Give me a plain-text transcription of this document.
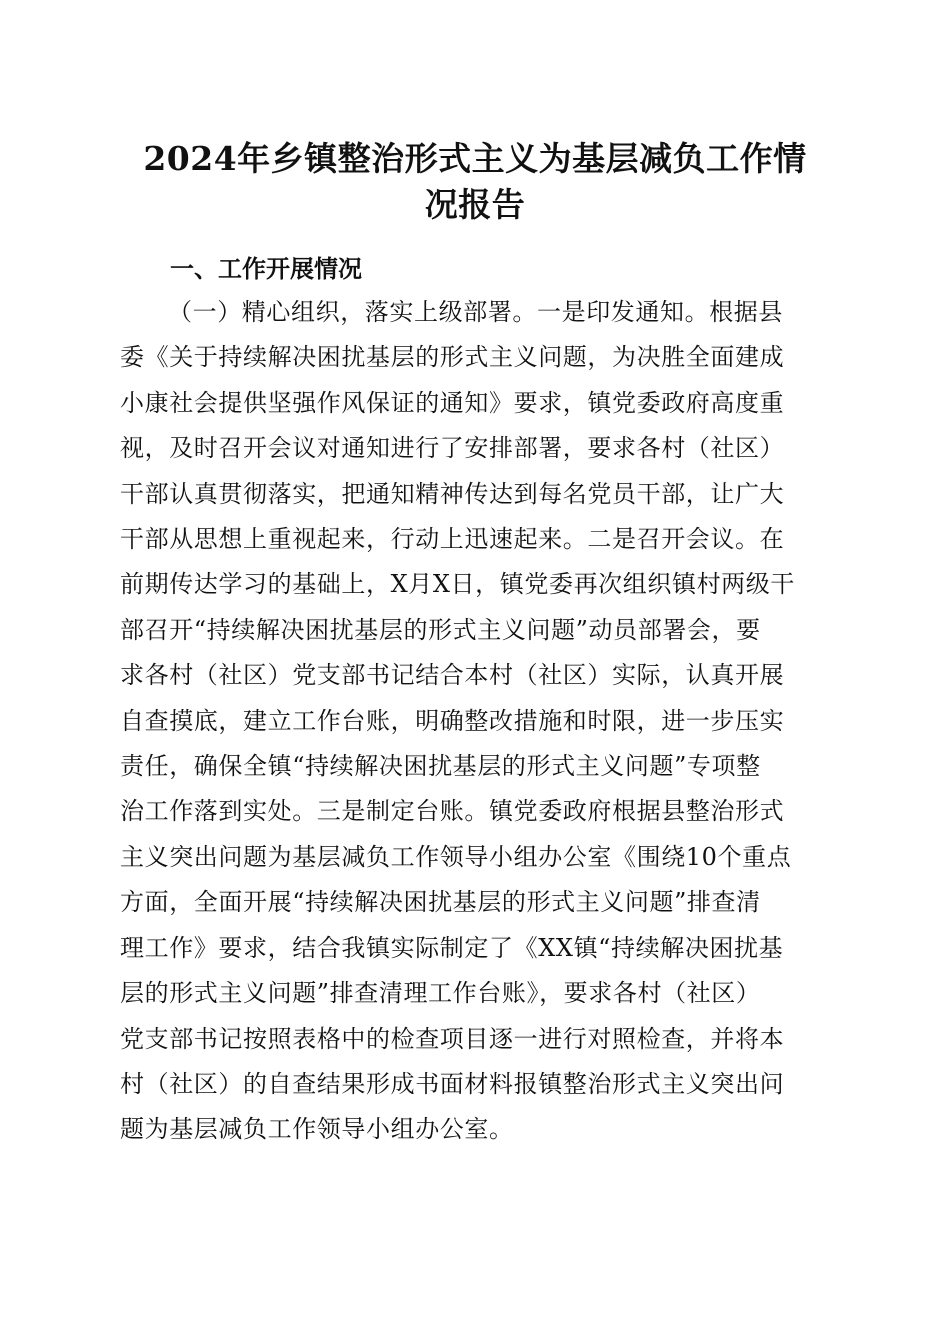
2024年乡镇整治形式主义为基层减负工作情
况报告
一、工作开展情况
（一）精心组织，落实上级部署。一是印发通知。根据县
委《关于持续解决困扰基层的形式主义问题，为决胜全面建成
小康社会提供坚强作风保证的通知》要求，镇党委政府高度重
视，及时召开会议对通知进行了安排部署，要求各村（社区）
干部认真贯彻落实，把通知精神传达到每名党员干部，让广大
干部从思想上重视起来，行动上迅速起来。二是召开会议。在
前期传达学习的基础上，X月X日，镇党委再次组织镇村两级干
部召开“持续解决困扰基层的形式主义问题”动员部署会，要
求各村（社区）党支部书记结合本村（社区）实际，认真开展
自查摸底，建立工作台账，明确整改措施和时限，进一步压实
责任，确保全镇“持续解决困扰基层的形式主义问题”专项整
治工作落到实处。三是制定台账。镇党委政府根据县整治形式
主义突出问题为基层减负工作领导小组办公室《围绕10个重点
方面，全面开展“持续解决困扰基层的形式主义问题”排查清
理工作》要求，结合我镇实际制定了《XX镇“持续解决困扰基
层的形式主义问题”排查清理工作台账》，要求各村（社区）
党支部书记按照表格中的检查项目逐一进行对照检查，并将本
村（社区）的自查结果形成书面材料报镇整治形式主义突出问
题为基层减负工作领导小组办公室。
